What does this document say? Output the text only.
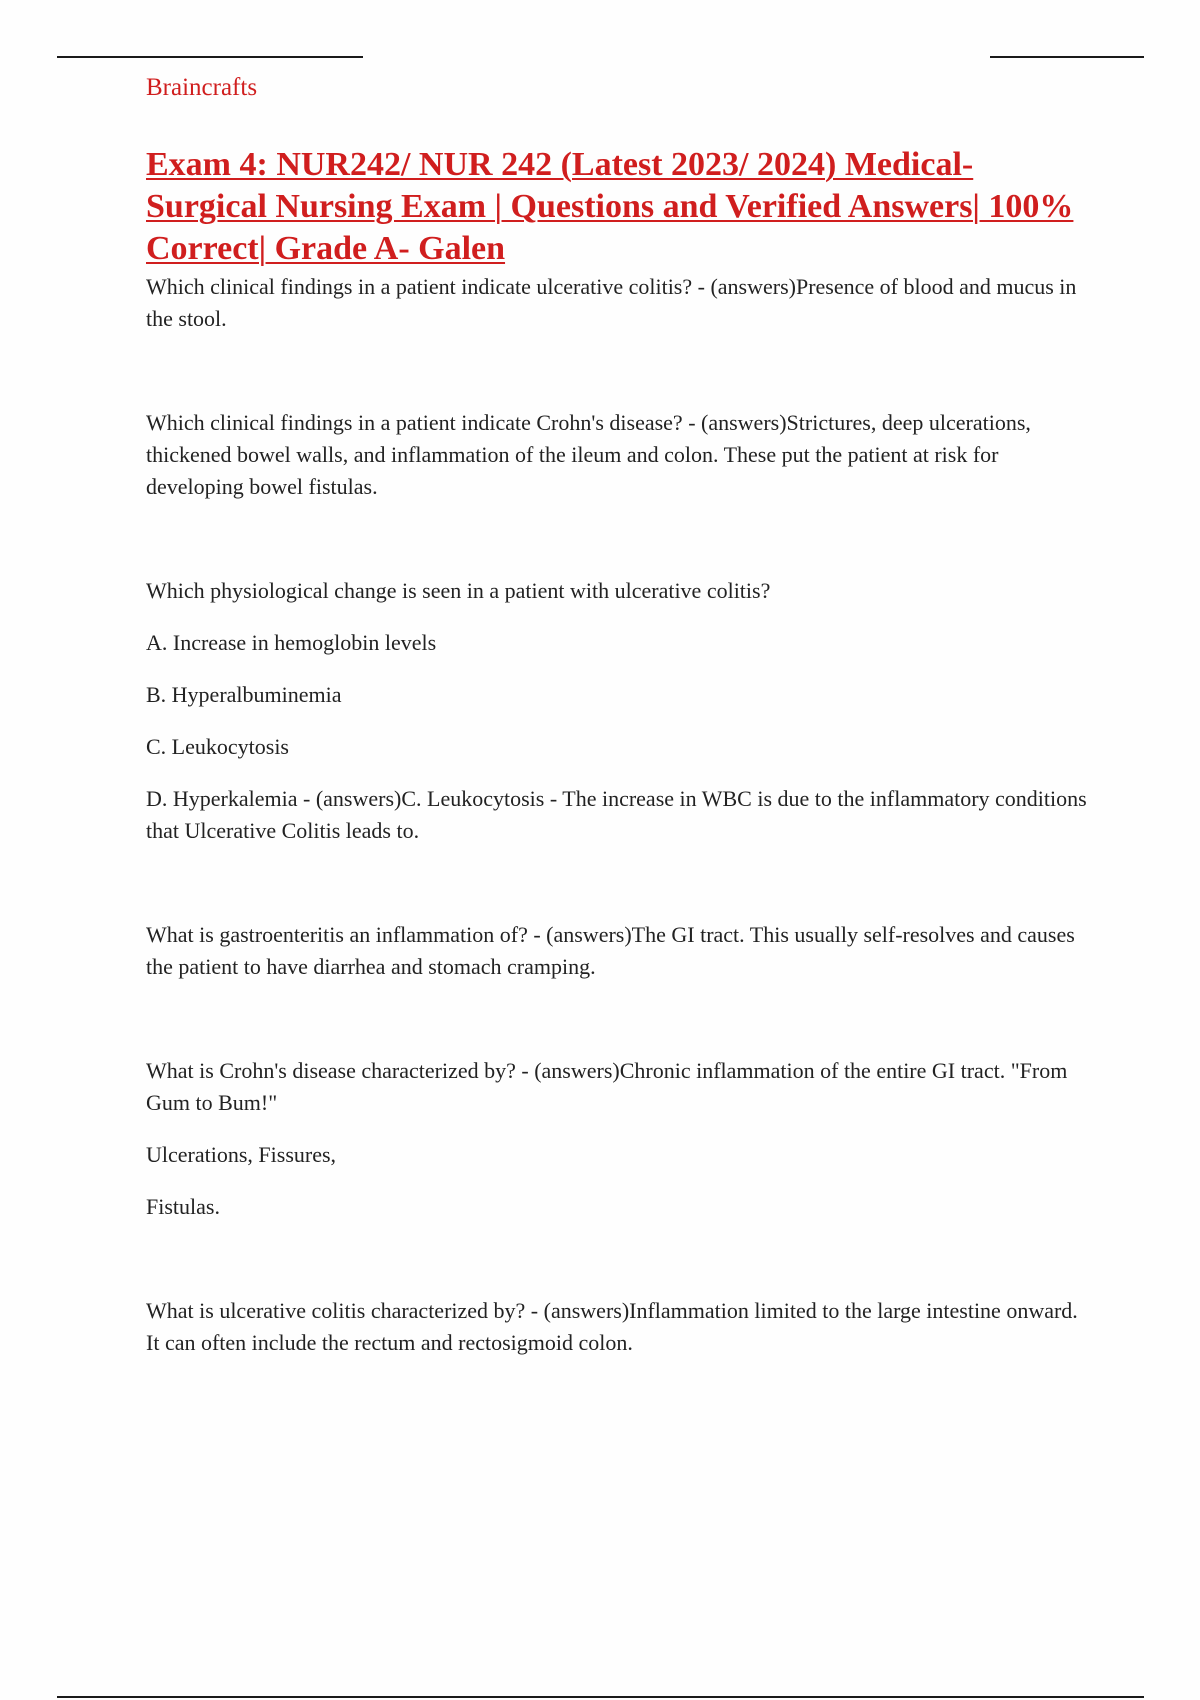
Braincrafts

Exam 4: NUR242/ NUR 242 (Latest 2023/ 2024) Medical-Surgical Nursing Exam | Questions and Verified Answers| 100% Correct| Grade A- Galen

Which clinical findings in a patient indicate ulcerative colitis? - (answers)Presence of blood and mucus in the stool.

Which clinical findings in a patient indicate Crohn's disease? - (answers)Strictures, deep ulcerations, thickened bowel walls, and inflammation of the ileum and colon. These put the patient at risk for developing bowel fistulas.

Which physiological change is seen in a patient with ulcerative colitis?

A. Increase in hemoglobin levels

B. Hyperalbuminemia

C. Leukocytosis

D. Hyperkalemia - (answers)C. Leukocytosis - The increase in WBC is due to the inflammatory conditions that Ulcerative Colitis leads to.

What is gastroenteritis an inflammation of? - (answers)The GI tract. This usually self-resolves and causes the patient to have diarrhea and stomach cramping.

What is Crohn's disease characterized by? - (answers)Chronic inflammation of the entire GI tract. "From Gum to Bum!"

Ulcerations, Fissures,

Fistulas.

What is ulcerative colitis characterized by? - (answers)Inflammation limited to the large intestine onward. It can often include the rectum and rectosigmoid colon.
